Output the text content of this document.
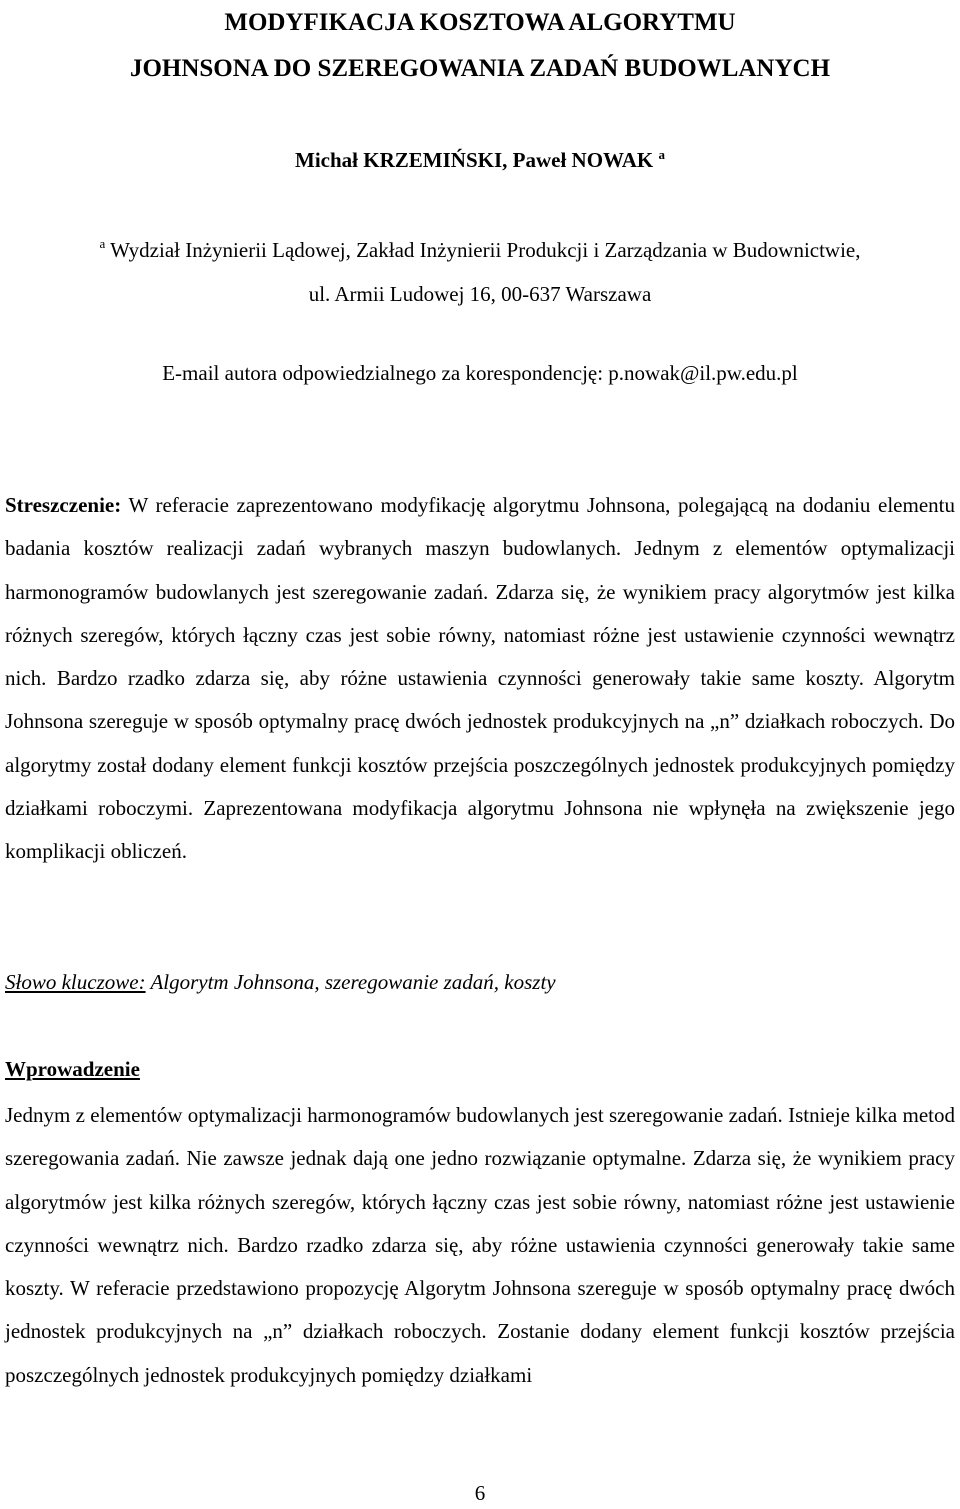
MODYFIKACJA KOSZTOWA ALGORYTMU
JOHNSONA DO SZEREGOWANIA ZADAŃ BUDOWLANYCH
Michał KRZEMIŃSKI, Paweł NOWAK $^a$
$^a$ Wydział Inżynierii Lądowej, Zakład Inżynierii Produkcji i Zarządzania w Budownictwie,
ul. Armii Ludowej 16, 00-637 Warszawa
E-mail autora odpowiedzialnego za korespondencję: p.nowak@il.pw.edu.pl

Streszczenie: W referacie zaprezentowano modyfikację algorytmu Johnsona, polegającą na dodaniu elementu badania kosztów realizacji zadań wybranych maszyn budowlanych. Jednym z elementów optymalizacji harmonogramów budowlanych jest szeregowanie zadań. Zdarza się, że wynikiem pracy algorytmów jest kilka różnych szeregów, których łączny czas jest sobie równy, natomiast różne jest ustawienie czynności wewnątrz nich. Bardzo rzadko zdarza się, aby różne ustawienia czynności generowały takie same koszty. Algorytm Johnsona szereguje w sposób optymalny pracę dwóch jednostek produkcyjnych na „n” działkach roboczych. Do algorytmy został dodany element funkcji kosztów przejścia poszczególnych jednostek produkcyjnych pomiędzy działkami roboczymi. Zaprezentowana modyfikacja algorytmu Johnsona nie wpłynęła na zwiększenie jego komplikacji obliczeń.

Słowo kluczowe: Algorytm Johnsona, szeregowanie zadań, koszty
Wprowadzenie

Jednym z elementów optymalizacji harmonogramów budowlanych jest szeregowanie zadań. Istnieje kilka metod szeregowania zadań. Nie zawsze jednak dają one jedno rozwiązanie optymalne. Zdarza się, że wynikiem pracy algorytmów jest kilka różnych szeregów, których łączny czas jest sobie równy, natomiast różne jest ustawienie czynności wewnątrz nich. Bardzo rzadko zdarza się, aby różne ustawienia czynności generowały takie same koszty. W referacie przedstawiono propozycję Algorytm Johnsona szereguje w sposób optymalny pracę dwóch jednostek produkcyjnych na „n” działkach roboczych. Zostanie dodany element funkcji kosztów przejścia poszczególnych jednostek produkcyjnych pomiędzy działkami

6
